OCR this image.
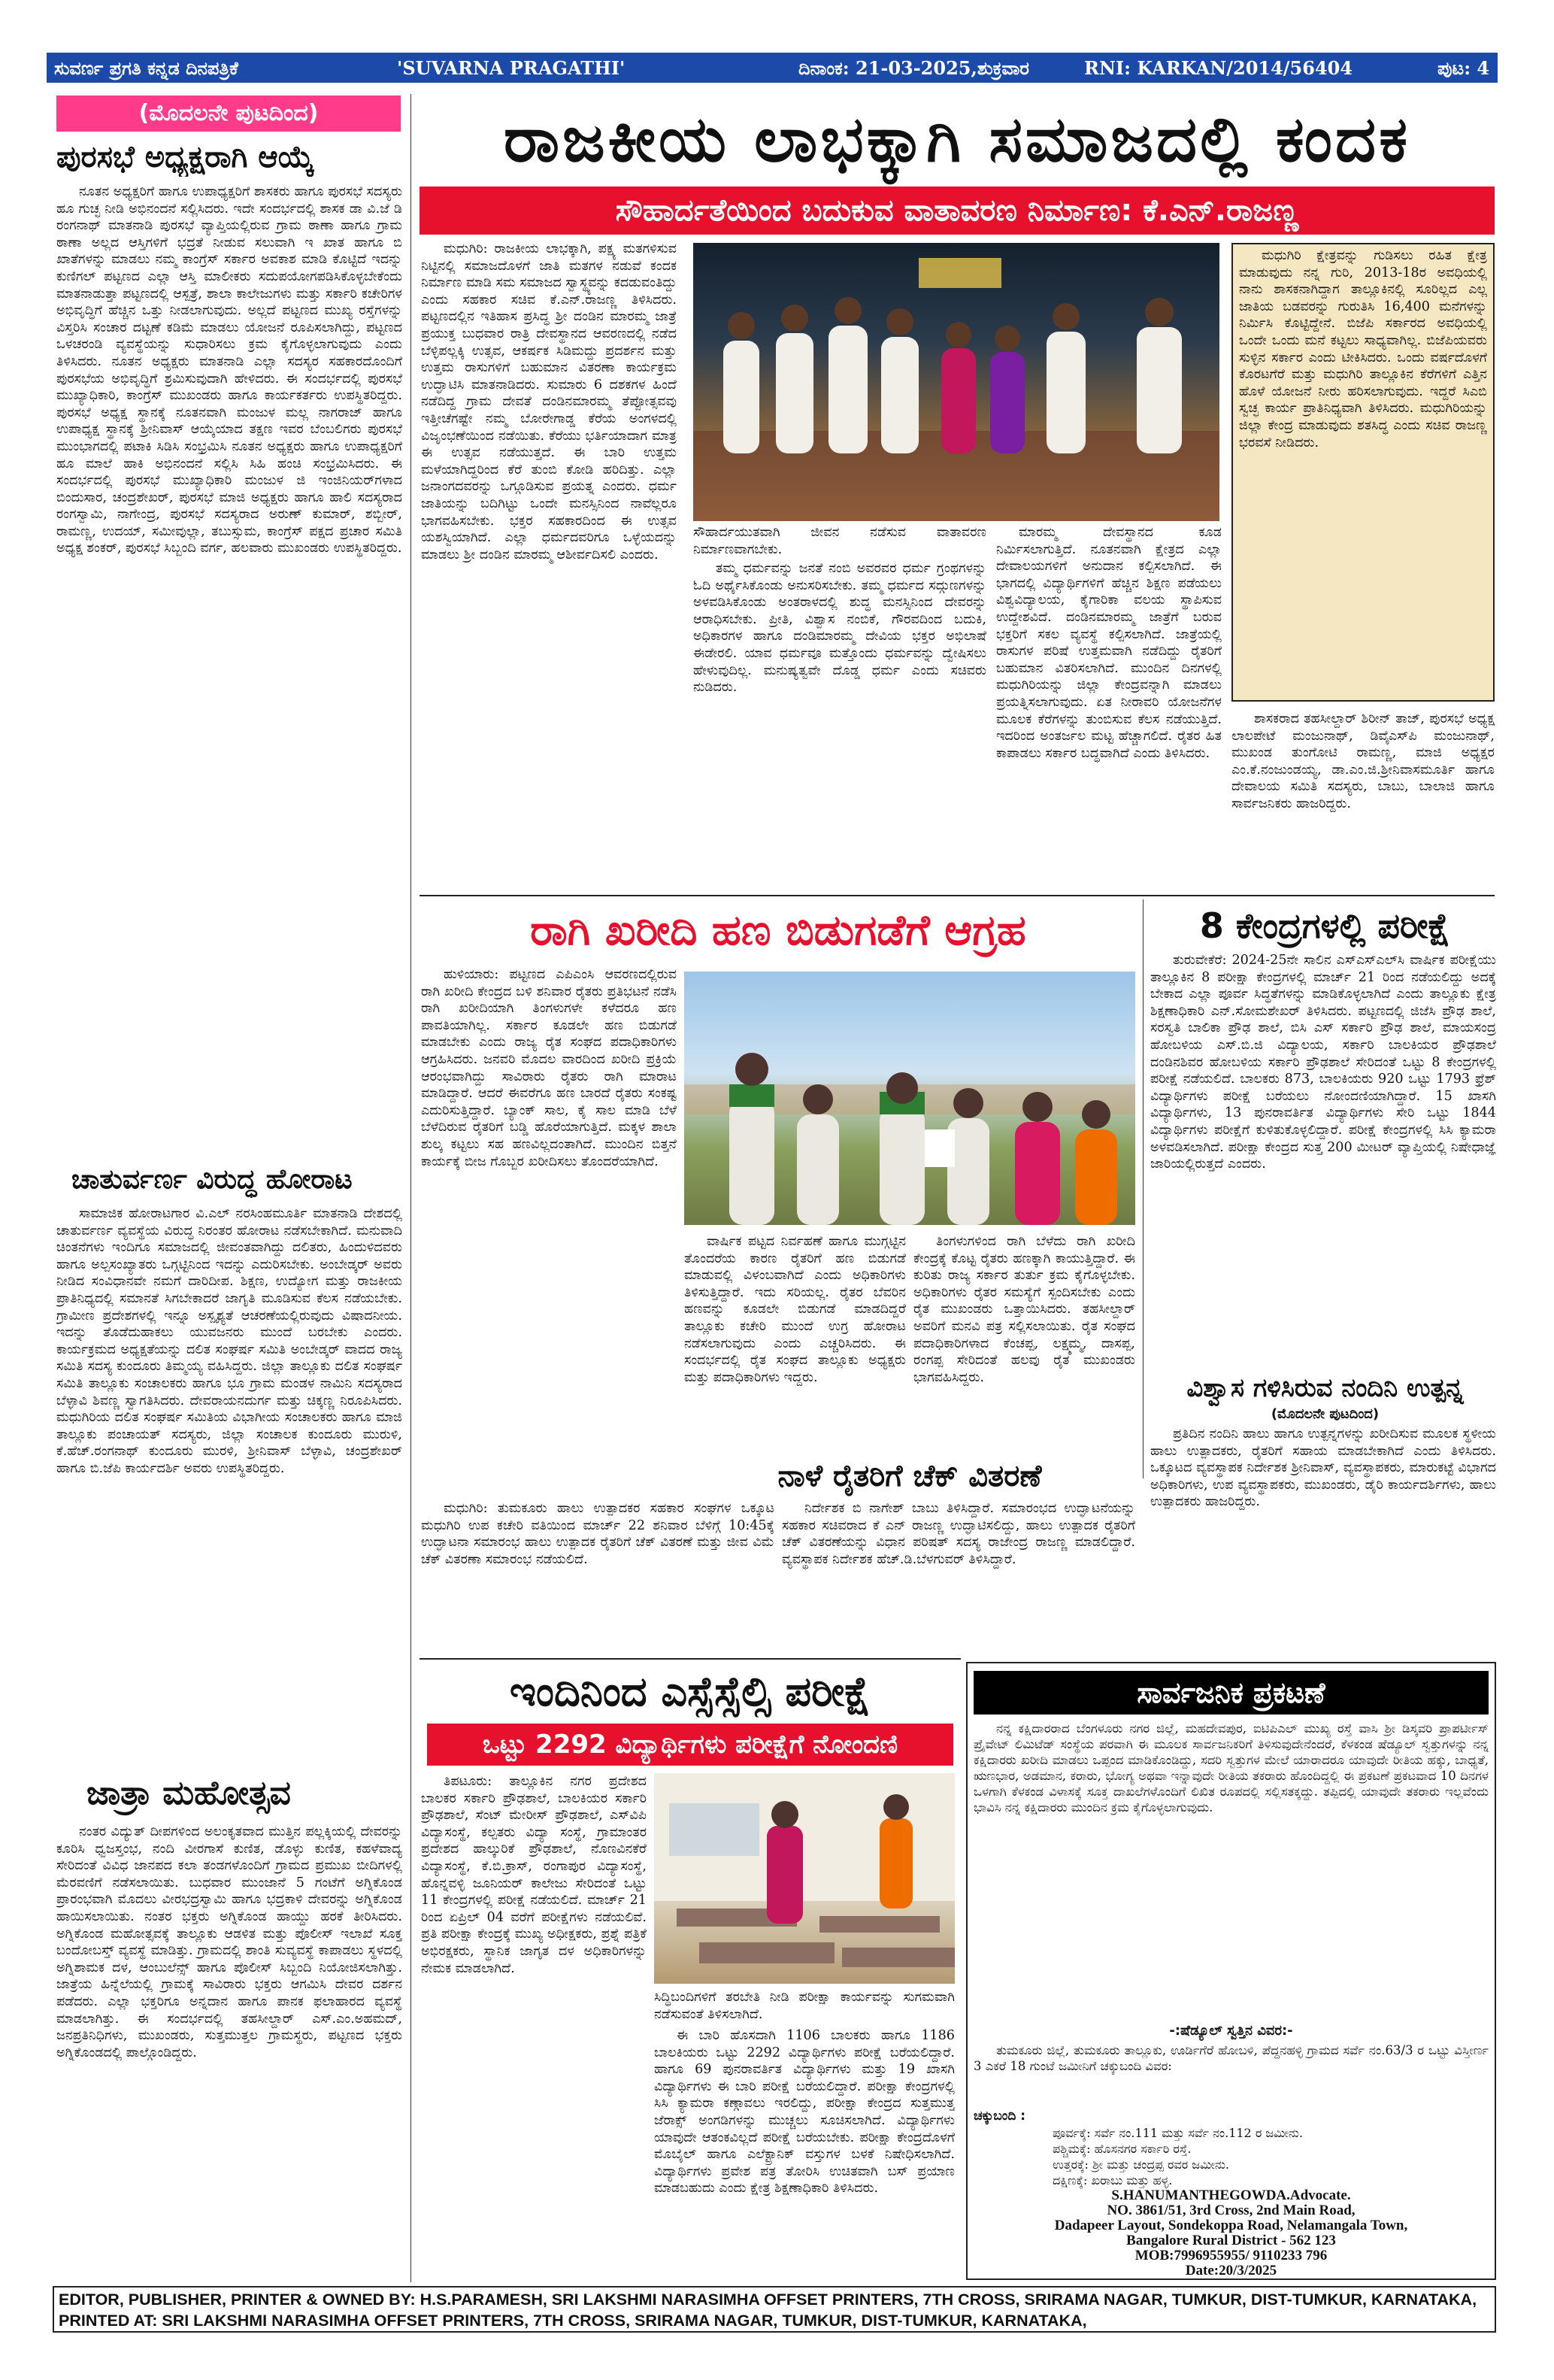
ಸುವರ್ಣ ಪ್ರಗತಿ ಕನ್ನಡ ದಿನಪತ್ರಿಕೆ	'SUVARNA PRAGATHI'	ದಿನಾಂಕ: 21-03-2025,ಶುಕ್ರವಾರ	RNI: KARKAN/2014/56404	ಪುಟ: 4
(ಮೊದಲನೇ ಪುಟದಿಂದ)
ಪುರಸಭೆ ಅಧ್ಯಕ್ಷರಾಗಿ ಆಯ್ಕೆ

ನೂತನ ಅಧ್ಯಕ್ಷರಿಗೆ ಹಾಗೂ ಉಪಾಧ್ಯಕ್ಷರಿಗೆ ಶಾಸಕರು ಹಾಗೂ ಪುರಸಭೆ ಸದಸ್ಯರು ಹೂ ಗುಚ್ಛ ನೀಡಿ ಅಭಿನಂದನೆ ಸಲ್ಲಿಸಿದರು. ಇದೇ ಸಂದರ್ಭದಲ್ಲಿ ಶಾಸಕ ಡಾ ವಿ.ಜೆ ಡಿ ರಂಗನಾಥ್ ಮಾತನಾಡಿ ಪುರಸಭೆ ವ್ಯಾಪ್ತಿಯಲ್ಲಿರುವ ಗ್ರಾಮ ಠಾಣಾ ಹಾಗೂ ಗ್ರಾಮ ಠಾಣಾ ಅಲ್ಲದ ಆಸ್ತಿಗಳಿಗೆ ಭದ್ರತೆ ನೀಡುವ ಸಲುವಾಗಿ ಇ ಖಾತ ಹಾಗೂ ಬಿ ಖಾತೆಗಳನ್ನು ಮಾಡಲು ನಮ್ಮ ಕಾಂಗ್ರೆಸ್ ಸರ್ಕಾರ ಅವಕಾಶ ಮಾಡಿ ಕೊಟ್ಟಿದೆ ಇದನ್ನು ಕುಣಿಗಲ್ ಪಟ್ಟಣದ ಎಲ್ಲಾ ಆಸ್ತಿ ಮಾಲೀಕರು ಸದುಪಯೋಗಪಡಿಸಿಕೊಳ್ಳಬೇಕೆಂದು ಮಾತನಾಡುತ್ತಾ ಪಟ್ಟಣದಲ್ಲಿ ಆಸ್ಪತ್ರೆ, ಶಾಲಾ ಕಾಲೇಜುಗಳು ಮತ್ತು ಸರ್ಕಾರಿ ಕಚೇರಿಗಳ ಅಭಿವೃದ್ಧಿಗೆ ಹೆಚ್ಚಿನ ಒತ್ತು ನೀಡಲಾಗುವುದು. ಅಲ್ಲದೆ ಪಟ್ಟಣದ ಮುಖ್ಯ ರಸ್ತೆಗಳನ್ನು ವಿಸ್ತರಿಸಿ ಸಂಚಾರ ದಟ್ಟಣೆ ಕಡಿಮೆ ಮಾಡಲು ಯೋಜನೆ ರೂಪಿಸಲಾಗಿದ್ದು, ಪಟ್ಟಣದ ಒಳಚರಂಡಿ ವ್ಯವಸ್ಥೆಯನ್ನು ಸುಧಾರಿಸಲು ಕ್ರಮ ಕೈಗೊಳ್ಳಲಾಗುವುದು ಎಂದು ತಿಳಿಸಿದರು. ನೂತನ ಅಧ್ಯಕ್ಷರು ಮಾತನಾಡಿ ಎಲ್ಲಾ ಸದಸ್ಯರ ಸಹಕಾರದೊಂದಿಗೆ ಪುರಸಭೆಯ ಅಭಿವೃದ್ಧಿಗೆ ಶ್ರಮಿಸುವುದಾಗಿ ಹೇಳಿದರು. ಈ ಸಂದರ್ಭದಲ್ಲಿ ಪುರಸಭೆ ಮುಖ್ಯಾಧಿಕಾರಿ, ಕಾಂಗ್ರೆಸ್ ಮುಖಂಡರು ಹಾಗೂ ಕಾರ್ಯಕರ್ತರು ಉಪಸ್ಥಿತರಿದ್ದರು. ಪುರಸಭೆ ಅಧ್ಯಕ್ಷ ಸ್ಥಾನಕ್ಕೆ ನೂತನವಾಗಿ ಮಂಜುಳ ಮಲ್ಲ ನಾಗರಾಜ್ ಹಾಗೂ ಉಪಾಧ್ಯಕ್ಷ ಸ್ಥಾನಕ್ಕೆ ಶ್ರೀನಿವಾಸ್ ಆಯ್ಕೆಯಾದ ತಕ್ಷಣ ಇವರ ಬೆಂಬಲಿಗರು ಪುರಸಭೆ ಮುಂಭಾಗದಲ್ಲಿ ಪಟಾಕಿ ಸಿಡಿಸಿ ಸಂಭ್ರಮಿಸಿ ನೂತನ ಅಧ್ಯಕ್ಷರು ಹಾಗೂ ಉಪಾಧ್ಯಕ್ಷರಿಗೆ ಹೂ ಮಾಲೆ ಹಾಕಿ ಅಭಿನಂದನೆ ಸಲ್ಲಿಸಿ ಸಿಹಿ ಹಂಚಿ ಸಂಭ್ರಮಿಸಿದರು. ಈ ಸಂದರ್ಭದಲ್ಲಿ ಪುರಸಭೆ ಮುಖ್ಯಾಧಿಕಾರಿ ಮಂಜುಳ ಜಿ ಇಂಜಿನಿಯರ್‌ಗಳಾದ ಬಿಂದುಸಾರ, ಚಂದ್ರಶೇಖರ್, ಪುರಸಭೆ ಮಾಜಿ ಅಧ್ಯಕ್ಷರು ಹಾಗೂ ಹಾಲಿ ಸದಸ್ಯರಾದ ರಂಗಸ್ವಾಮಿ, ನಾಗೇಂದ್ರ, ಪುರಸಭೆ ಸದಸ್ಯರಾದ ಅರುಣ್ ಕುಮಾರ್, ಶಬ್ಬೀರ್, ರಾಮಣ್ಣ, ಉದಯ್, ಸಮೀವುಲ್ಲಾ, ತಬುಸ್ಸುಮ, ಕಾಂಗ್ರೆಸ್ ಪಕ್ಷದ ಪ್ರಚಾರ ಸಮಿತಿ ಅಧ್ಯಕ್ಷ ಶಂಕರ್, ಪುರಸಭೆ ಸಿಬ್ಬಂದಿ ವರ್ಗ, ಹಲವಾರು ಮುಖಂಡರು ಉಪಸ್ಥಿತರಿದ್ದರು.

ಚಾತುರ್ವರ್ಣ ವಿರುದ್ಧ ಹೋರಾಟ

ಸಾಮಾಜಿಕ ಹೋರಾಟಗಾರ ವಿ.ಎಲ್ ನರಸಿಂಹಮೂರ್ತಿ ಮಾತನಾಡಿ ದೇಶದಲ್ಲಿ ಚಾತುರ್ವರ್ಣ ವ್ಯವಸ್ಥೆಯ ವಿರುದ್ಧ ನಿರಂತರ ಹೋರಾಟ ನಡೆಸಬೇಕಾಗಿದೆ. ಮನುವಾದಿ ಚಿಂತನೆಗಳು ಇಂದಿಗೂ ಸಮಾಜದಲ್ಲಿ ಜೀವಂತವಾಗಿದ್ದು ದಲಿತರು, ಹಿಂದುಳಿದವರು ಹಾಗೂ ಅಲ್ಪಸಂಖ್ಯಾತರು ಒಗ್ಗಟ್ಟಿನಿಂದ ಇದನ್ನು ಎದುರಿಸಬೇಕು. ಅಂಬೇಡ್ಕರ್ ಅವರು ನೀಡಿದ ಸಂವಿಧಾನವೇ ನಮಗೆ ದಾರಿದೀಪ. ಶಿಕ್ಷಣ, ಉದ್ಯೋಗ ಮತ್ತು ರಾಜಕೀಯ ಪ್ರಾತಿನಿಧ್ಯದಲ್ಲಿ ಸಮಾನತೆ ಸಿಗಬೇಕಾದರೆ ಜಾಗೃತಿ ಮೂಡಿಸುವ ಕೆಲಸ ನಡೆಯಬೇಕು. ಗ್ರಾಮೀಣ ಪ್ರದೇಶಗಳಲ್ಲಿ ಇನ್ನೂ ಅಸ್ಪೃಶ್ಯತೆ ಆಚರಣೆಯಲ್ಲಿರುವುದು ವಿಷಾದನೀಯ. ಇದನ್ನು ತೊಡೆದುಹಾಕಲು ಯುವಜನರು ಮುಂದೆ ಬರಬೇಕು ಎಂದರು. ಕಾರ್ಯಕ್ರಮದ ಅಧ್ಯಕ್ಷತೆಯನ್ನು ದಲಿತ ಸಂಘರ್ಷ ಸಮಿತಿ ಅಂಬೇಡ್ಕರ್ ವಾದದ ರಾಜ್ಯ ಸಮಿತಿ ಸದಸ್ಯ ಕುಂದೂರು ತಿಮ್ಮಯ್ಯ ವಹಿಸಿದ್ದರು. ಜಿಲ್ಲಾ ತಾಲ್ಲೂಕು ದಲಿತ ಸಂಘರ್ಷ ಸಮಿತಿ ತಾಲ್ಲೂಕು ಸಂಚಾಲಕರು ಹಾಗೂ ಭೂ ಗ್ರಾಮ ಮಂಡಳ ನಾಮಿನಿ ಸದಸ್ಯರಾದ ಬೆಳ್ಳಾವಿ ಶಿವಣ್ಣ ಸ್ವಾಗತಿಸಿದರು. ದೇವರಾಯನದುರ್ಗ ಮತ್ತು ಚಿಕ್ಕಣ್ಣ ನಿರೂಪಿಸಿದರು. ಮಧುಗಿರಿಯ ದಲಿತ ಸಂಘರ್ಷ ಸಮಿತಿಯ ವಿಭಾಗೀಯ ಸಂಚಾಲಕರು ಹಾಗೂ ಮಾಜಿ ತಾಲ್ಲೂಕು ಪಂಚಾಯತ್ ಸದಸ್ಯರು, ಜಿಲ್ಲಾ ಸಂಚಾಲಕ ಕುಂದೂರು ಮುರುಳಿ, ಕೆ.ಹೆಚ್.ರಂಗನಾಥ್ ಕುಂದೂರು ಮುರಳಿ, ಶ್ರೀನಿವಾಸ್ ಬೆಳ್ಳಾವಿ, ಚಂದ್ರಶೇಖರ್ ಹಾಗೂ ಬಿ.ಜೆಪಿ ಕಾರ್ಯದರ್ಶಿ ಅವರು ಉಪಸ್ಥಿತರಿದ್ದರು.

ಜಾತ್ರಾ ಮಹೋತ್ಸವ

ನಂತರ ವಿದ್ಯುತ್ ದೀಪಗಳಿಂದ ಅಲಂಕೃತವಾದ ಮುತ್ತಿನ ಪಲ್ಲಕ್ಕಿಯಲ್ಲಿ ದೇವರನ್ನು ಕೂರಿಸಿ ಧ್ವಜಸ್ತಂಭ, ನಂದಿ ವೀರಗಾಸೆ ಕುಣಿತ, ಡೊಳ್ಳು ಕುಣಿತ, ಕಹಳೆವಾದ್ಯ ಸೇರಿದಂತೆ ವಿವಿಧ ಜಾನಪದ ಕಲಾ ತಂಡಗಳೊಂದಿಗೆ ಗ್ರಾಮದ ಪ್ರಮುಖ ಬೀದಿಗಳಲ್ಲಿ ಮೆರವಣಿಗೆ ನಡೆಸಲಾಯಿತು. ಬುಧವಾರ ಮುಂಜಾನೆ 5 ಗಂಟೆಗೆ ಅಗ್ನಿಕೊಂಡ ಪ್ರಾರಂಭವಾಗಿ ಮೊದಲು ವೀರಭದ್ರಸ್ವಾಮಿ ಹಾಗೂ ಭದ್ರಕಾಳಿ ದೇವರನ್ನು ಅಗ್ನಿಕೊಂಡ ಹಾಯಿಸಲಾಯಿತು. ನಂತರ ಭಕ್ತರು ಅಗ್ನಿಕೊಂಡ ಹಾಯ್ದು ಹರಕೆ ತೀರಿಸಿದರು. ಅಗ್ನಿಕೊಂಡ ಮಹೋತ್ಸವಕ್ಕೆ ತಾಲ್ಲೂಕು ಆಡಳಿತ ಮತ್ತು ಪೊಲೀಸ್ ಇಲಾಖೆ ಸೂಕ್ತ ಬಂದೋಬಸ್ತ್ ವ್ಯವಸ್ಥೆ ಮಾಡಿತ್ತು. ಗ್ರಾಮದಲ್ಲಿ ಶಾಂತಿ ಸುವ್ಯವಸ್ಥೆ ಕಾಪಾಡಲು ಸ್ಥಳದಲ್ಲಿ ಅಗ್ನಿಶಾಮಕ ದಳ, ಆಂಬುಲೆನ್ಸ್ ಹಾಗೂ ಪೊಲೀಸ್ ಸಿಬ್ಬಂದಿ ನಿಯೋಜಿಸಲಾಗಿತ್ತು. ಜಾತ್ರೆಯ ಹಿನ್ನೆಲೆಯಲ್ಲಿ ಗ್ರಾಮಕ್ಕೆ ಸಾವಿರಾರು ಭಕ್ತರು ಆಗಮಿಸಿ ದೇವರ ದರ್ಶನ ಪಡೆದರು. ಎಲ್ಲಾ ಭಕ್ತರಿಗೂ ಅನ್ನದಾನ ಹಾಗೂ ಪಾನಕ ಫಲಾಹಾರದ ವ್ಯವಸ್ಥೆ ಮಾಡಲಾಗಿತ್ತು. ಈ ಸಂದರ್ಭದಲ್ಲಿ ತಹಸೀಲ್ದಾರ್ ಎಸ್.ಎಂ.ಅಹಮದ್, ಜನಪ್ರತಿನಿಧಿಗಳು, ಮುಖಂಡರು, ಸುತ್ತಮುತ್ತಲ ಗ್ರಾಮಸ್ಥರು, ಪಟ್ಟಣದ ಭಕ್ತರು ಅಗ್ನಿಕೊಂಡದಲ್ಲಿ ಪಾಲ್ಗೊಂಡಿದ್ದರು.

ರಾಜಕೀಯ ಲಾಭಕ್ಕಾಗಿ ಸಮಾಜದಲ್ಲಿ ಕಂದಕ
ಸೌಹಾರ್ದತೆಯಿಂದ ಬದುಕುವ ವಾತಾವರಣ ನಿರ್ಮಾಣ: ಕೆ.ಎನ್.ರಾಜಣ್ಣ

ಮಧುಗಿರಿ: ರಾಜಕೀಯ ಲಾಭಕ್ಕಾಗಿ, ಪಕ್ಷ್ಯ ಮತಗಳಿಸುವ ನಿಟ್ಟಿನಲ್ಲಿ ಸಮಾಜದೊಳಗೆ ಜಾತಿ ಮತಗಳ ನಡುವೆ ಕಂದಕ ನಿರ್ಮಾಣ ಮಾಡಿ ಸಮ ಸಮಾಜದ ಸ್ವಾಸ್ಥ್ಯವನ್ನು ಕದಡುವಂತಿದ್ದು ಎಂದು ಸಹಕಾರ ಸಚಿವ ಕೆ.ಎನ್.ರಾಜಣ್ಣ ತಿಳಿಸಿದರು. ಪಟ್ಟಣದಲ್ಲಿನ ಇತಿಹಾಸ ಪ್ರಸಿದ್ಧ ಶ್ರೀ ದಂಡಿನ ಮಾರಮ್ಮ ಜಾತ್ರೆ ಪ್ರಯುಕ್ತ ಬುಧವಾರ ರಾತ್ರಿ ದೇವಸ್ಥಾನದ ಆವರಣದಲ್ಲಿ ನಡೆದ ಬೆಳ್ಳಿಪಲ್ಲಕ್ಕಿ ಉತ್ಸವ, ಆಕರ್ಷಕ ಸಿಡಿಮದ್ದು ಪ್ರದರ್ಶನ ಮತ್ತು ಉತ್ತಮ ರಾಸುಗಳಿಗೆ ಬಹುಮಾನ ವಿತರಣಾ ಕಾರ್ಯಕ್ರಮ ಉದ್ಘಾಟಿಸಿ ಮಾತನಾಡಿದರು. ಸುಮಾರು 6 ದಶಕಗಳ ಹಿಂದೆ ನಡೆದಿದ್ದ ಗ್ರಾಮ ದೇವತೆ ದಂಡಿನಮಾರಮ್ಮ ತೆಪ್ಪೋತ್ಸವವು ಇತ್ತೀಚೆಗಷ್ಟೇ ನಮ್ಮ ಬೋರೇಗಾಡ್ಡ ಕೆರೆಯ ಅಂಗಳದಲ್ಲಿ ವಿಜೃಂಭಣೆಯಿಂದ ನಡೆಯಿತು. ಕೆರೆಯು ಭರ್ತಿಯಾದಾಗ ಮಾತ್ರ ಈ ಉತ್ಸವ ನಡೆಯುತ್ತದೆ. ಈ ಬಾರಿ ಉತ್ತಮ ಮಳೆಯಾಗಿದ್ದರಿಂದ ಕೆರೆ ತುಂಬಿ ಕೋಡಿ ಹರಿದಿತ್ತು. ಎಲ್ಲಾ ಜನಾಂಗದವರನ್ನು ಒಗ್ಗೂಡಿಸುವ ಪ್ರಯತ್ನ ಎಂದರು. ಧರ್ಮ ಜಾತಿಯನ್ನು ಬದಿಗಿಟ್ಟು ಒಂದೇ ಮನಸ್ಸಿನಿಂದ ನಾವೆಲ್ಲರೂ ಭಾಗವಹಿಸಬೇಕು. ಭಕ್ತರ ಸಹಕಾರದಿಂದ ಈ ಉತ್ಸವ ಯಶಸ್ವಿಯಾಗಿದೆ. ಎಲ್ಲಾ ಧರ್ಮದವರಿಗೂ ಒಳ್ಳೆಯದನ್ನು ಮಾಡಲು ಶ್ರೀ ದಂಡಿನ ಮಾರಮ್ಮ ಆಶೀರ್ವದಿಸಲಿ ಎಂದರು.

ಸೌಹಾರ್ದಯುತವಾಗಿ ಜೀವನ ನಡೆಸುವ ವಾತಾವರಣ ನಿರ್ಮಾಣವಾಗಬೇಕು.

ತಮ್ಮ ಧರ್ಮವನ್ನು ಜನತೆ ನಂಬಿ ಅವರವರ ಧರ್ಮ ಗ್ರಂಥಗಳನ್ನು ಓದಿ ಅರ್ಥೈಸಿಕೊಂಡು ಅನುಸರಿಸಬೇಕು. ತಮ್ಮ ಧರ್ಮದ ಸದ್ಗುಣಗಳನ್ನು ಅಳವಡಿಸಿಕೊಂಡು ಅಂತರಾಳದಲ್ಲಿ ಶುದ್ಧ ಮನಸ್ಸಿನಿಂದ ದೇವರನ್ನು ಆರಾಧಿಸಬೇಕು. ಪ್ರೀತಿ, ವಿಶ್ವಾಸ ನಂಬಿಕೆ, ಗೌರವದಿಂದ ಬದುಕಿ, ಅಧಿಕಾರಗಳ ಹಾಗೂ ದಂಡಿಮಾರಮ್ಮ ದೇವಿಯ ಭಕ್ತರ ಅಭಿಲಾಷೆ ಈಡೇರಲಿ. ಯಾವ ಧರ್ಮವೂ ಮತ್ತೊಂದು ಧರ್ಮವನ್ನು ದ್ವೇಷಿಸಲು ಹೇಳುವುದಿಲ್ಲ. ಮನುಷ್ಯತ್ವವೇ ದೊಡ್ಡ ಧರ್ಮ ಎಂದು ಸಚಿವರು ನುಡಿದರು.

ಮಾರಮ್ಮ ದೇವಸ್ಥಾನದ ಕೂಡ ನಿರ್ಮಿಸಲಾಗುತ್ತಿದೆ. ನೂತನವಾಗಿ ಕ್ಷೇತ್ರದ ಎಲ್ಲಾ ದೇವಾಲಯಗಳಿಗೆ ಅನುದಾನ ಕಲ್ಪಿಸಲಾಗಿದೆ. ಈ ಭಾಗದಲ್ಲಿ ವಿದ್ಯಾರ್ಥಿಗಳಿಗೆ ಹೆಚ್ಚಿನ ಶಿಕ್ಷಣ ಪಡೆಯಲು ವಿಶ್ವವಿದ್ಯಾಲಯ, ಕೈಗಾರಿಕಾ ವಲಯ ಸ್ಥಾಪಿಸುವ ಉದ್ದೇಶವಿದೆ. ದಂಡಿನಮಾರಮ್ಮ ಜಾತ್ರೆಗೆ ಬರುವ ಭಕ್ತರಿಗೆ ಸಕಲ ವ್ಯವಸ್ಥೆ ಕಲ್ಪಿಸಲಾಗಿದೆ. ಜಾತ್ರೆಯಲ್ಲಿ ರಾಸುಗಳ ಪರಿಷೆ ಉತ್ತಮವಾಗಿ ನಡೆದಿದ್ದು ರೈತರಿಗೆ ಬಹುಮಾನ ವಿತರಿಸಲಾಗಿದೆ. ಮುಂದಿನ ದಿನಗಳಲ್ಲಿ ಮಧುಗಿರಿಯನ್ನು ಜಿಲ್ಲಾ ಕೇಂದ್ರವನ್ನಾಗಿ ಮಾಡಲು ಪ್ರಯತ್ನಿಸಲಾಗುವುದು. ಏತ ನೀರಾವರಿ ಯೋಜನೆಗಳ ಮೂಲಕ ಕೆರೆಗಳನ್ನು ತುಂಬಿಸುವ ಕೆಲಸ ನಡೆಯುತ್ತಿದೆ. ಇದರಿಂದ ಅಂತರ್ಜಲ ಮಟ್ಟ ಹೆಚ್ಚಾಗಲಿದೆ. ರೈತರ ಹಿತ ಕಾಪಾಡಲು ಸರ್ಕಾರ ಬದ್ಧವಾಗಿದೆ ಎಂದು ತಿಳಿಸಿದರು.

ಮಧುಗಿರಿ ಕ್ಷೇತ್ರವನ್ನು ಗುಡಿಸಲು ರಹಿತ ಕ್ಷೇತ್ರ ಮಾಡುವುದು ನನ್ನ ಗುರಿ, 2013-18ರ ಅವಧಿಯಲ್ಲಿ ನಾನು ಶಾಸಕನಾಗಿದ್ದಾಗ ತಾಲ್ಲೂಕಿನಲ್ಲಿ ಸೂರಿಲ್ಲದ ಎಲ್ಲ ಜಾತಿಯ ಬಡವರನ್ನು ಗುರುತಿಸಿ 16,400 ಮನೆಗಳನ್ನು ನಿರ್ಮಿಸಿ ಕೊಟ್ಟಿದ್ದೇನೆ. ಬಿಜೆಪಿ ಸರ್ಕಾರದ ಅವಧಿಯಲ್ಲಿ ಒಂದೇ ಒಂದು ಮನೆ ಕಟ್ಟಲು ಸಾಧ್ಯವಾಗಿಲ್ಲ. ಬಿಜೆಪಿಯವರು ಸುಳ್ಳಿನ ಸರ್ಕಾರ ಎಂದು ಟೀಕಿಸಿದರು. ಒಂದು ವರ್ಷದೊಳಗೆ ಕೊರಟಗೆರೆ ಮತ್ತು ಮಧುಗಿರಿ ತಾಲ್ಲೂಕಿನ ಕೆರೆಗಳಿಗೆ ಎತ್ತಿನ ಹೊಳೆ ಯೋಜನೆ ನೀರು ಹರಿಸಲಾಗುವುದು. ಇದ್ದರೆ ಸಿಎಬಿ ಸ್ವಚ್ಛ ಕಾರ್ಯ ಪ್ರಾತಿನಿಧ್ಯವಾಗಿ ತಿಳಿಸಿದರು. ಮಧುಗಿರಿಯನ್ನು ಜಿಲ್ಲಾ ಕೇಂದ್ರ ಮಾಡುವುದು ಶತಸಿದ್ಧ ಎಂದು ಸಚಿವ ರಾಜಣ್ಣ ಭರವಸೆ ನೀಡಿದರು.

ಶಾಸಕರಾದ ತಹಸೀಲ್ದಾರ್ ಶಿರೀನ್ ತಾಜ್, ಪುರಸಭೆ ಅಧ್ಯಕ್ಷ ಲಾಲಪೇಟೆ ಮಂಜುನಾಥ್, ಡಿವೈಎಸ್‌ಪಿ ಮಂಜುನಾಥ್, ಮುಖಂಡ ತುಂಗೋಟಿ ರಾಮಣ್ಣ, ಮಾಜಿ ಅಧ್ಯಕ್ಷರ ಎಂ.ಕೆ.ನಂಜುಂಡಯ್ಯ, ಡಾ.ಎಂ.ಜಿ.ಶ್ರೀನಿವಾಸಮೂರ್ತಿ ಹಾಗೂ ದೇವಾಲಯ ಸಮಿತಿ ಸದಸ್ಯರು, ಬಾಬು, ಬಾಲಾಜಿ ಹಾಗೂ ಸಾರ್ವಜನಿಕರು ಹಾಜರಿದ್ದರು.

ರಾಗಿ ಖರೀದಿ ಹಣ ಬಿಡುಗಡೆಗೆ ಆಗ್ರಹ

ಹುಳಿಯಾರು: ಪಟ್ಟಣದ ಎಪಿಎಂಸಿ ಆವರಣದಲ್ಲಿರುವ ರಾಗಿ ಖರೀದಿ ಕೇಂದ್ರದ ಬಳಿ ಶನಿವಾರ ರೈತರು ಪ್ರತಿಭಟನೆ ನಡೆಸಿ ರಾಗಿ ಖರೀದಿಯಾಗಿ ತಿಂಗಳುಗಳೇ ಕಳೆದರೂ ಹಣ ಪಾವತಿಯಾಗಿಲ್ಲ. ಸರ್ಕಾರ ಕೂಡಲೇ ಹಣ ಬಿಡುಗಡೆ ಮಾಡಬೇಕು ಎಂದು ರಾಜ್ಯ ರೈತ ಸಂಘದ ಪದಾಧಿಕಾರಿಗಳು ಆಗ್ರಹಿಸಿದರು. ಜನವರಿ ಮೊದಲ ವಾರದಿಂದ ಖರೀದಿ ಪ್ರಕ್ರಿಯೆ ಆರಂಭವಾಗಿದ್ದು ಸಾವಿರಾರು ರೈತರು ರಾಗಿ ಮಾರಾಟ ಮಾಡಿದ್ದಾರೆ. ಆದರೆ ಈವರೆಗೂ ಹಣ ಬಾರದೆ ರೈತರು ಸಂಕಷ್ಟ ಎದುರಿಸುತ್ತಿದ್ದಾರೆ. ಬ್ಯಾಂಕ್ ಸಾಲ, ಕೈ ಸಾಲ ಮಾಡಿ ಬೆಳೆ ಬೆಳೆದಿರುವ ರೈತರಿಗೆ ಬಡ್ಡಿ ಹೊರೆಯಾಗುತ್ತಿದೆ. ಮಕ್ಕಳ ಶಾಲಾ ಶುಲ್ಕ ಕಟ್ಟಲು ಸಹ ಹಣವಿಲ್ಲದಂತಾಗಿದೆ. ಮುಂದಿನ ಬಿತ್ತನೆ ಕಾರ್ಯಕ್ಕೆ ಬೀಜ ಗೊಬ್ಬರ ಖರೀದಿಸಲು ತೊಂದರೆಯಾಗಿದೆ.

ವಾರ್ಷಿಕ ಪಟ್ಟದ ನಿರ್ವಹಣೆ ಹಾಗೂ ಮುಗ್ಗಟ್ಟಿನ ತೊಂದರೆಯ ಕಾರಣ ರೈತರಿಗೆ ಹಣ ಬಿಡುಗಡೆ ಮಾಡುವಲ್ಲಿ ವಿಳಂಬವಾಗಿದೆ ಎಂದು ಅಧಿಕಾರಿಗಳು ತಿಳಿಸುತ್ತಿದ್ದಾರೆ. ಇದು ಸರಿಯಲ್ಲ. ರೈತರ ಬೆವರಿನ ಹಣವನ್ನು ಕೂಡಲೇ ಬಿಡುಗಡೆ ಮಾಡದಿದ್ದರೆ ತಾಲ್ಲೂಕು ಕಚೇರಿ ಮುಂದೆ ಉಗ್ರ ಹೋರಾಟ ನಡೆಸಲಾಗುವುದು ಎಂದು ಎಚ್ಚರಿಸಿದರು. ಈ ಸಂದರ್ಭದಲ್ಲಿ ರೈತ ಸಂಘದ ತಾಲ್ಲೂಕು ಅಧ್ಯಕ್ಷರು ಮತ್ತು ಪದಾಧಿಕಾರಿಗಳು ಇದ್ದರು.

ತಿಂಗಳುಗಳಿಂದ ರಾಗಿ ಬೆಳೆದು ರಾಗಿ ಖರೀದಿ ಕೇಂದ್ರಕ್ಕೆ ಕೊಟ್ಟ ರೈತರು ಹಣಕ್ಕಾಗಿ ಕಾಯುತ್ತಿದ್ದಾರೆ. ಈ ಕುರಿತು ರಾಜ್ಯ ಸರ್ಕಾರ ತುರ್ತು ಕ್ರಮ ಕೈಗೊಳ್ಳಬೇಕು. ಅಧಿಕಾರಿಗಳು ರೈತರ ಸಮಸ್ಯೆಗೆ ಸ್ಪಂದಿಸಬೇಕು ಎಂದು ರೈತ ಮುಖಂಡರು ಒತ್ತಾಯಿಸಿದರು. ತಹಸೀಲ್ದಾರ್ ಅವರಿಗೆ ಮನವಿ ಪತ್ರ ಸಲ್ಲಿಸಲಾಯಿತು. ರೈತ ಸಂಘದ ಪದಾಧಿಕಾರಿಗಳಾದ ಕೆಂಚಪ್ಪ, ಲಕ್ಷ್ಮಮ್ಮ, ದಾಸಪ್ಪ, ರಂಗಪ್ಪ ಸೇರಿದಂತೆ ಹಲವು ರೈತ ಮುಖಂಡರು ಭಾಗವಹಿಸಿದ್ದರು.

ನಾಳೆ ರೈತರಿಗೆ ಚೆಕ್ ವಿತರಣೆ

ಮಧುಗಿರಿ: ತುಮಕೂರು ಹಾಲು ಉತ್ಪಾದಕರ ಸಹಕಾರ ಸಂಘಗಳ ಒಕ್ಕೂಟ ಮಧುಗಿರಿ ಉಪ ಕಚೇರಿ ವತಿಯಿಂದ ಮಾರ್ಚ್ 22 ಶನಿವಾರ ಬೆಳಿಗ್ಗೆ 10:45ಕ್ಕೆ ಉದ್ಘಾಟನಾ ಸಮಾರಂಭ ಹಾಲು ಉತ್ಪಾದಕ ರೈತರಿಗೆ ಚೆಕ್ ವಿತರಣೆ ಮತ್ತು ಜೀವ ವಿಮೆ ಚೆಕ್ ವಿತರಣಾ ಸಮಾರಂಭ ನಡೆಯಲಿದೆ.

ನಿರ್ದೇಶಕ ಬಿ ನಾಗೇಶ್ ಬಾಬು ತಿಳಿಸಿದ್ದಾರೆ. ಸಮಾರಂಭದ ಉದ್ಘಾಟನೆಯನ್ನು ಸಹಕಾರ ಸಚಿವರಾದ ಕೆ ಎನ್ ರಾಜಣ್ಣ ಉದ್ಘಾಟಿಸಲಿದ್ದು, ಹಾಲು ಉತ್ಪಾದಕ ರೈತರಿಗೆ ಚೆಕ್ ವಿತರಣೆಯನ್ನು ವಿಧಾನ ಪರಿಷತ್ ಸದಸ್ಯ ರಾಜೇಂದ್ರ ರಾಜಣ್ಣ ಮಾಡಲಿದ್ದಾರೆ. ವ್ಯವಸ್ಥಾಪಕ ನಿರ್ದೇಶಕ ಹೆಚ್.ಡಿ.ಬೆಳಗುವರ್ ತಿಳಿಸಿದ್ದಾರೆ.

8 ಕೇಂದ್ರಗಳಲ್ಲಿ ಪರೀಕ್ಷೆ

ತುರುವೇಕೆರೆ: 2024-25ನೇ ಸಾಲಿನ ಎಸ್ಎಸ್ಎಲ್‌ಸಿ ವಾರ್ಷಿಕ ಪರೀಕ್ಷೆಯು ತಾಲ್ಲೂಕಿನ 8 ಪರೀಕ್ಷಾ ಕೇಂದ್ರಗಳಲ್ಲಿ ಮಾರ್ಚ್ 21 ರಿಂದ ನಡೆಯಲಿದ್ದು ಅದಕ್ಕೆ ಬೇಕಾದ ಎಲ್ಲಾ ಪೂರ್ವ ಸಿದ್ಧತೆಗಳನ್ನು ಮಾಡಿಕೊಳ್ಳಲಾಗಿದೆ ಎಂದು ತಾಲ್ಲೂಕು ಕ್ಷೇತ್ರ ಶಿಕ್ಷಣಾಧಿಕಾರಿ ಎನ್.ಸೋಮಶೇಖರ್ ತಿಳಿಸಿದರು. ಪಟ್ಟಣದಲ್ಲಿ ಜಿಜೆಸಿ ಪ್ರೌಢ ಶಾಲೆ, ಸರಸ್ವತಿ ಬಾಲಿಕಾ ಪ್ರೌಢ ಶಾಲೆ, ಬಿಸಿ ಎಸ್ ಸರ್ಕಾರಿ ಪ್ರೌಢ ಶಾಲೆ, ಮಾಯಸಂದ್ರ ಹೋಬಳಿಯ ಎಸ್.ಬಿ.ಜಿ ವಿದ್ಯಾಲಯ, ಸರ್ಕಾರಿ ಬಾಲಕಿಯರ ಪ್ರೌಢಶಾಲೆ ದಂಡಿನಶಿವರ ಹೋಬಳಿಯ ಸರ್ಕಾರಿ ಪ್ರೌಢಶಾಲೆ ಸೇರಿದಂತೆ ಒಟ್ಟು 8 ಕೇಂದ್ರಗಳಲ್ಲಿ ಪರೀಕ್ಷೆ ನಡೆಯಲಿದೆ. ಬಾಲಕರು 873, ಬಾಲಕಿಯರು 920 ಒಟ್ಟು 1793 ಫ್ರೆಶ್ ವಿದ್ಯಾರ್ಥಿಗಳು ಪರೀಕ್ಷೆ ಬರೆಯಲು ನೋಂದಣಿಯಾಗಿದ್ದಾರೆ. 15 ಖಾಸಗಿ ವಿದ್ಯಾರ್ಥಿಗಳು, 13 ಪುನರಾವರ್ತಿತ ವಿದ್ಯಾರ್ಥಿಗಳು ಸೇರಿ ಒಟ್ಟು 1844 ವಿದ್ಯಾರ್ಥಿಗಳು ಪರೀಕ್ಷೆಗೆ ಕುಳಿತುಕೊಳ್ಳಲಿದ್ದಾರೆ. ಪರೀಕ್ಷೆ ಕೇಂದ್ರಗಳಲ್ಲಿ ಸಿಸಿ ಕ್ಯಾಮರಾ ಅಳವಡಿಸಲಾಗಿದೆ. ಪರೀಕ್ಷಾ ಕೇಂದ್ರದ ಸುತ್ತ 200 ಮೀಟರ್ ವ್ಯಾಪ್ತಿಯಲ್ಲಿ ನಿಷೇಧಾಜ್ಞೆ ಜಾರಿಯಲ್ಲಿರುತ್ತದೆ ಎಂದರು.

ವಿಶ್ವಾಸ ಗಳಿಸಿರುವ ನಂದಿನಿ ಉತ್ಪನ್ನ
(ಮೊದಲನೇ ಪುಟದಿಂದ)

ಪ್ರತಿದಿನ ನಂದಿನಿ ಹಾಲು ಹಾಗೂ ಉತ್ಪನ್ನಗಳನ್ನು ಖರೀದಿಸುವ ಮೂಲಕ ಸ್ಥಳೀಯ ಹಾಲು ಉತ್ಪಾದಕರು, ರೈತರಿಗೆ ಸಹಾಯ ಮಾಡಬೇಕಾಗಿದೆ ಎಂದು ತಿಳಿಸಿದರು. ಒಕ್ಕೂಟದ ವ್ಯವಸ್ಥಾಪಕ ನಿರ್ದೇಶಕ ಶ್ರೀನಿವಾಸ್, ವ್ಯವಸ್ಥಾಪಕರು, ಮಾರುಕಟ್ಟೆ ವಿಭಾಗದ ಅಧಿಕಾರಿಗಳು, ಉಪ ವ್ಯವಸ್ಥಾಪಕರು, ಮುಖಂಡರು, ಡೈರಿ ಕಾರ್ಯದರ್ಶಿಗಳು, ಹಾಲು ಉತ್ಪಾದಕರು ಹಾಜರಿದ್ದರು.

ಇಂದಿನಿಂದ ಎಸ್ಸೆಸ್ಸೆಲ್ಸಿ ಪರೀಕ್ಷೆ
ಒಟ್ಟು 2292 ವಿದ್ಯಾರ್ಥಿಗಳು ಪರೀಕ್ಷೆಗೆ ನೋಂದಣಿ

ತಿಪಟೂರು: ತಾಲ್ಲೂಕಿನ ನಗರ ಪ್ರದೇಶದ ಬಾಲಕರ ಸರ್ಕಾರಿ ಪ್ರೌಢಶಾಲೆ, ಬಾಲಕಿಯರ ಸರ್ಕಾರಿ ಪ್ರೌಢಶಾಲೆ, ಸೆಂಟ್ ಮೇರೀಸ್ ಪ್ರೌಢಶಾಲೆ, ಎಸ್‌ವಿಪಿ ವಿದ್ಯಾಸಂಸ್ಥೆ, ಕಲ್ಪತರು ವಿದ್ಯಾ ಸಂಸ್ಥೆ, ಗ್ರಾಮಾಂತರ ಪ್ರದೇಶದ ಹಾಲ್ಕುರಿಕೆ ಪ್ರೌಢಶಾಲೆ, ನೊಣವಿನಕೆರೆ ವಿದ್ಯಾಸಂಸ್ಥೆ, ಕೆ.ಬಿ.ಕ್ರಾಸ್, ರಂಗಾಪುರ ವಿದ್ಯಾಸಂಸ್ಥೆ, ಹೊನ್ನವಳ್ಳಿ ಜೂನಿಯರ್ ಕಾಲೇಜು ಸೇರಿದಂತೆ ಒಟ್ಟು 11 ಕೇಂದ್ರಗಳಲ್ಲಿ ಪರೀಕ್ಷೆ ನಡೆಯಲಿದೆ. ಮಾರ್ಚ್ 21 ರಿಂದ ಏಪ್ರಿಲ್ 04 ವರೆಗೆ ಪರೀಕ್ಷೆಗಳು ನಡೆಯಲಿವೆ. ಪ್ರತಿ ಪರೀಕ್ಷಾ ಕೇಂದ್ರಕ್ಕೆ ಮುಖ್ಯ ಅಧೀಕ್ಷಕರು, ಪ್ರಶ್ನೆ ಪತ್ರಿಕೆ ಅಭಿರಕ್ಷಕರು, ಸ್ಥಾನಿಕ ಜಾಗೃತ ದಳ ಅಧಿಕಾರಿಗಳನ್ನು ನೇಮಕ ಮಾಡಲಾಗಿದೆ.

ಸಿದ್ಧಿಬಂದಿಗಳಿಗೆ ತರಬೇತಿ ನೀಡಿ ಪರೀಕ್ಷಾ ಕಾರ್ಯವನ್ನು ಸುಗಮವಾಗಿ ನಡೆಸುವಂತೆ ತಿಳಿಸಲಾಗಿದೆ.

ಈ ಬಾರಿ ಹೊಸದಾಗಿ 1106 ಬಾಲಕರು ಹಾಗೂ 1186 ಬಾಲಕಿಯರು ಒಟ್ಟು 2292 ವಿದ್ಯಾರ್ಥಿಗಳು ಪರೀಕ್ಷೆ ಬರೆಯಲಿದ್ದಾರೆ. ಹಾಗೂ 69 ಪುನರಾವರ್ತಿತ ವಿದ್ಯಾರ್ಥಿಗಳು ಮತ್ತು 19 ಖಾಸಗಿ ವಿದ್ಯಾರ್ಥಿಗಳು ಈ ಬಾರಿ ಪರೀಕ್ಷೆ ಬರೆಯಲಿದ್ದಾರೆ. ಪರೀಕ್ಷಾ ಕೇಂದ್ರಗಳಲ್ಲಿ ಸಿಸಿ ಕ್ಯಾಮರಾ ಕಣ್ಗಾವಲು ಇರಲಿದ್ದು, ಪರೀಕ್ಷಾ ಕೇಂದ್ರದ ಸುತ್ತಮುತ್ತ ಜೆರಾಕ್ಸ್ ಅಂಗಡಿಗಳನ್ನು ಮುಚ್ಚಲು ಸೂಚಿಸಲಾಗಿದೆ. ವಿದ್ಯಾರ್ಥಿಗಳು ಯಾವುದೇ ಆತಂಕವಿಲ್ಲದೆ ಪರೀಕ್ಷೆ ಬರೆಯಬೇಕು. ಪರೀಕ್ಷಾ ಕೇಂದ್ರದೊಳಗೆ ಮೊಬೈಲ್ ಹಾಗೂ ಎಲೆಕ್ಟ್ರಾನಿಕ್ ವಸ್ತುಗಳ ಬಳಕೆ ನಿಷೇಧಿಸಲಾಗಿದೆ. ವಿದ್ಯಾರ್ಥಿಗಳು ಪ್ರವೇಶ ಪತ್ರ ತೋರಿಸಿ ಉಚಿತವಾಗಿ ಬಸ್ ಪ್ರಯಾಣ ಮಾಡಬಹುದು ಎಂದು ಕ್ಷೇತ್ರ ಶಿಕ್ಷಣಾಧಿಕಾರಿ ತಿಳಿಸಿದರು.

ಸಾರ್ವಜನಿಕ ಪ್ರಕಟಣೆ

ನನ್ನ ಕಕ್ಷಿದಾರರಾದ ಬೆಂಗಳೂರು ನಗರ ಜಿಲ್ಲೆ, ಮಹದೇವಪುರ, ಐಟಿಪಿಎಲ್ ಮುಖ್ಯ ರಸ್ತೆ ವಾಸಿ ಶ್ರೀ ಡಿಸ್ಕವರಿ ಪ್ರಾಪರ್ಟೀಸ್ ಪ್ರೈವೇಟ್ ಲಿಮಿಟೆಡ್ ಸಂಸ್ಥೆಯ ಪರವಾಗಿ ಈ ಮೂಲಕ ಸಾರ್ವಜನಿಕರಿಗೆ ತಿಳಿಸುವುದೇನೆಂದರೆ, ಕೆಳಕಂಡ ಷೆಡ್ಯೂಲ್ ಸ್ವತ್ತುಗಳನ್ನು ನನ್ನ ಕಕ್ಷಿದಾರರು ಖರೀದಿ ಮಾಡಲು ಒಪ್ಪಂದ ಮಾಡಿಕೊಂಡಿದ್ದು, ಸದರಿ ಸ್ವತ್ತುಗಳ ಮೇಲೆ ಯಾರಾದರೂ ಯಾವುದೇ ರೀತಿಯ ಹಕ್ಕು, ಬಾಧ್ಯತೆ, ಋಣಭಾರ, ಅಡಮಾನ, ಕರಾರು, ಭೋಗ್ಯ ಅಥವಾ ಇನ್ನಾವುದೇ ರೀತಿಯ ತಕರಾರು ಹೊಂದಿದ್ದಲ್ಲಿ ಈ ಪ್ರಕಟಣೆ ಪ್ರಕಟವಾದ 10 ದಿನಗಳ ಒಳಗಾಗಿ ಕೆಳಕಂಡ ವಿಳಾಸಕ್ಕೆ ಸೂಕ್ತ ದಾಖಲೆಗಳೊಂದಿಗೆ ಲಿಖಿತ ರೂಪದಲ್ಲಿ ಸಲ್ಲಿಸತಕ್ಕದ್ದು. ತಪ್ಪಿದಲ್ಲಿ ಯಾವುದೇ ತಕರಾರು ಇಲ್ಲವೆಂದು ಭಾವಿಸಿ ನನ್ನ ಕಕ್ಷಿದಾರರು ಮುಂದಿನ ಕ್ರಮ ಕೈಗೊಳ್ಳಲಾಗುವುದು.

-:ಷೆಡ್ಯೂಲ್ ಸ್ವತ್ತಿನ ವಿವರ:-

ತುಮಕೂರು ಜಿಲ್ಲೆ, ತುಮಕೂರು ತಾಲ್ಲೂಕು, ಊರ್ಡಿಗೆರೆ ಹೋಬಳಿ, ಪೆದ್ದನಹಳ್ಳಿ ಗ್ರಾಮದ ಸರ್ವೆ ನಂ.63/3 ರ ಒಟ್ಟು ವಿಸ್ತೀರ್ಣ 3 ಎಕರೆ 18 ಗುಂಟೆ ಜಮೀನಿಗೆ ಚಕ್ಕುಬಂದಿ ವಿವರ:

ಚಕ್ಕುಬಂದಿ :
ಪೂರ್ವಕ್ಕೆ: ಸರ್ವೆ ನಂ.111 ಮತ್ತು ಸರ್ವೆ ನಂ.112 ರ ಜಮೀನು.
ಪಶ್ಚಿಮಕ್ಕೆ: ಹೊಸನಗರ ಸರ್ಕಾರಿ ರಸ್ತೆ.
ಉತ್ತರಕ್ಕೆ: ಶ್ರೀ ಮತ್ತು ಚಂದ್ರಪ್ಪ ರವರ ಜಮೀನು.
ದಕ್ಷಿಣಕ್ಕೆ: ಖರಾಬು ಮತ್ತು ಹಳ್ಳ.
S.HANUMANTHEGOWDA.Advocate.
NO. 3861/51, 3rd Cross, 2nd Main Road,
Dadapeer Layout, Sondekoppa Road, Nelamangala Town,
Bangalore Rural District - 562 123
MOB:7996955955/ 9110233 796
Date:20/3/2025
EDITOR, PUBLISHER, PRINTER & OWNED BY: H.S.PARAMESH, SRI LAKSHMI NARASIMHA OFFSET PRINTERS, 7TH CROSS, SRIRAMA NAGAR, TUMKUR, DIST-TUMKUR, KARNATAKA, PRINTED AT: SRI LAKSHMI NARASIMHA OFFSET PRINTERS, 7TH CROSS, SRIRAMA NAGAR, TUMKUR, DIST-TUMKUR, KARNATAKA,
